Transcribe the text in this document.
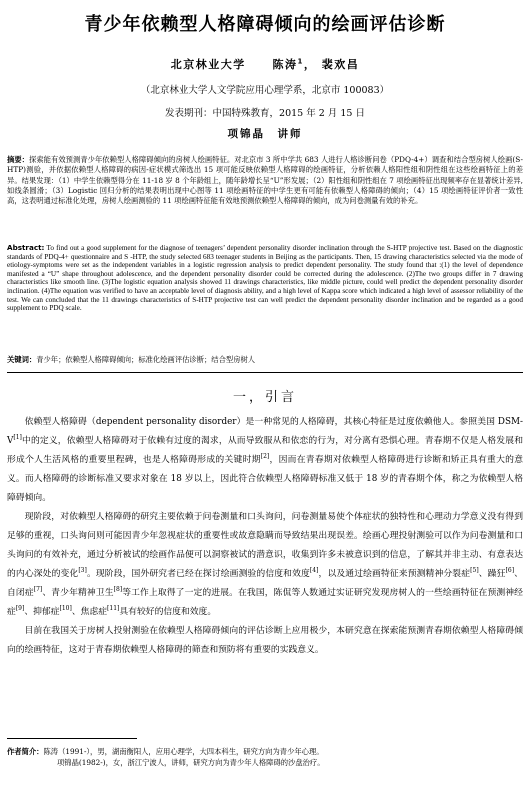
青少年依赖型人格障碍倾向的绘画评估诊断
北京林业大学 陈涛$^1$， 裴欢昌
（北京林业大学人文学院应用心理学系，北京市 100083）
发表期刊：中国特殊教育，2015 年 2 月 15 日
项锦晶　讲师
摘要：探索能有效预测青少年依赖型人格障碍倾向的房树人绘画特征。对北京市 3 所中学共 683 人进行人格诊断问卷（PDQ-4+）调查和结合型房树人绘画(S-HTP)测验，并依据依赖型人格障碍的病因-症状模式筛选出 15 项可能反映依赖型人格障碍的绘画特征，分析依赖人格阳性组和阴性组在这些绘画特征上的差异。结果发现：（1）中学生依赖型得分在 11-18 岁 8 个年龄组上，随年龄增长呈“U”形发展；（2）阳性组和阴性组在 7 项绘画特征出现频率存在显著统计差异,如线条圆滑；（3）Logistic 回归分析的结果表明出现中心图等 11 项绘画特征的中学生更有可能有依赖型人格障碍的倾向；（4）15 项绘画特征评价者一致性高，这表明通过标准化处理，房树人绘画测验的 11 项绘画特征能有效地预测依赖型人格障碍的倾向，成为问卷测量有效的补充。
Abstract: To find out a good supplement for the diagnose of teenagers’ dependent personality disorder inclination through the S-HTP projective test. Based on the diagnostic standards of PDQ-4+ questionnaire and S -HTP, the study selected 683 teenager students in Beijing as the participants. Then, 15 drawing characteristics selected via the mode of etiology-symptoms were set as the independent variables in a logistic regression analysis to predict dependent personality. The study found that :(1) the level of dependence manifested a “U” shape throughout adolescence, and the dependent personality disorder could be corrected during the adolescence. (2)The two groups differ in 7 drawing characteristics like smooth line. (3)The logistic equation analysis showed 11 drawings characteristics, like middle picture, could well predict the dependent personality disorder inclination. (4)The equation was verified to have an acceptable level of diagnosis ability, and a high level of Kappa score which indicated a high level of assessor reliability of the test. We can concluded that the 11 drawings characteristics of S-HTP projective test can well predict the dependent personality disorder inclination and be regarded as a good supplement to PDQ scale.
关键词：青少年；依赖型人格障碍倾向；标准化绘画评估诊断；结合型房树人
一，引言

依赖型人格障碍（dependent personality disorder）是一种常见的人格障碍，其核心特征是过度依赖他人。参照美国 DSM-V[1]中的定义，依赖型人格障碍对于依赖有过度的渴求，从而导致服从和依恋的行为，对分离有恐惧心理。青春期不仅是人格发展和形成个人生活风格的重要里程碑，也是人格障碍形成的关键时期[2]，因而在青春期对依赖型人格障碍进行诊断和矫正具有重大的意义。而人格障碍的诊断标准又要求对象在 18 岁以上，因此符合依赖型人格障碍标准又低于 18 岁的青春期个体，称之为依赖型人格障碍倾向。

现阶段，对依赖型人格障碍的研究主要依赖于问卷测量和口头询问，问卷测量易使个体症状的独特性和心理动力学意义没有得到足够的重视，口头询问则可能因青少年忽视症状的重要性或故意隐瞒而导致结果出现误差。绘画心理投射测验可以作为问卷测量和口头询问的有效补充，通过分析被试的绘画作品便可以洞察被试的潜意识，收集到许多未被意识到的信息，了解其并非主动、有意表达的内心深处的变化[3]。现阶段，国外研究者已经在探讨绘画测验的信度和效度[4]，以及通过绘画特征来预测精神分裂症[5]、躁狂[6]、自闭症[7]、青少年精神卫生[8]等工作上取得了一定的进展。在我国，陈侃等人数通过实证研究发现房树人的一些绘画特征在预测神经症[9]、抑郁症[10]、焦虑症[11]具有较好的信度和效度。

目前在我国关于房树人投射测验在依赖型人格障碍倾向的评估诊断上应用极少，本研究意在探索能预测青春期依赖型人格障碍倾向的绘画特征，这对于青春期依赖型人格障碍的筛查和预防将有重要的实践意义。

作者简介：陈涛（1991-），男，湖南衡阳人，应用心理学，大四本科生，研究方向为青少年心理。
项锦晶(1982-)，女，浙江宁波人，讲师，研究方向为青少年人格障碍的沙盘治疗。
